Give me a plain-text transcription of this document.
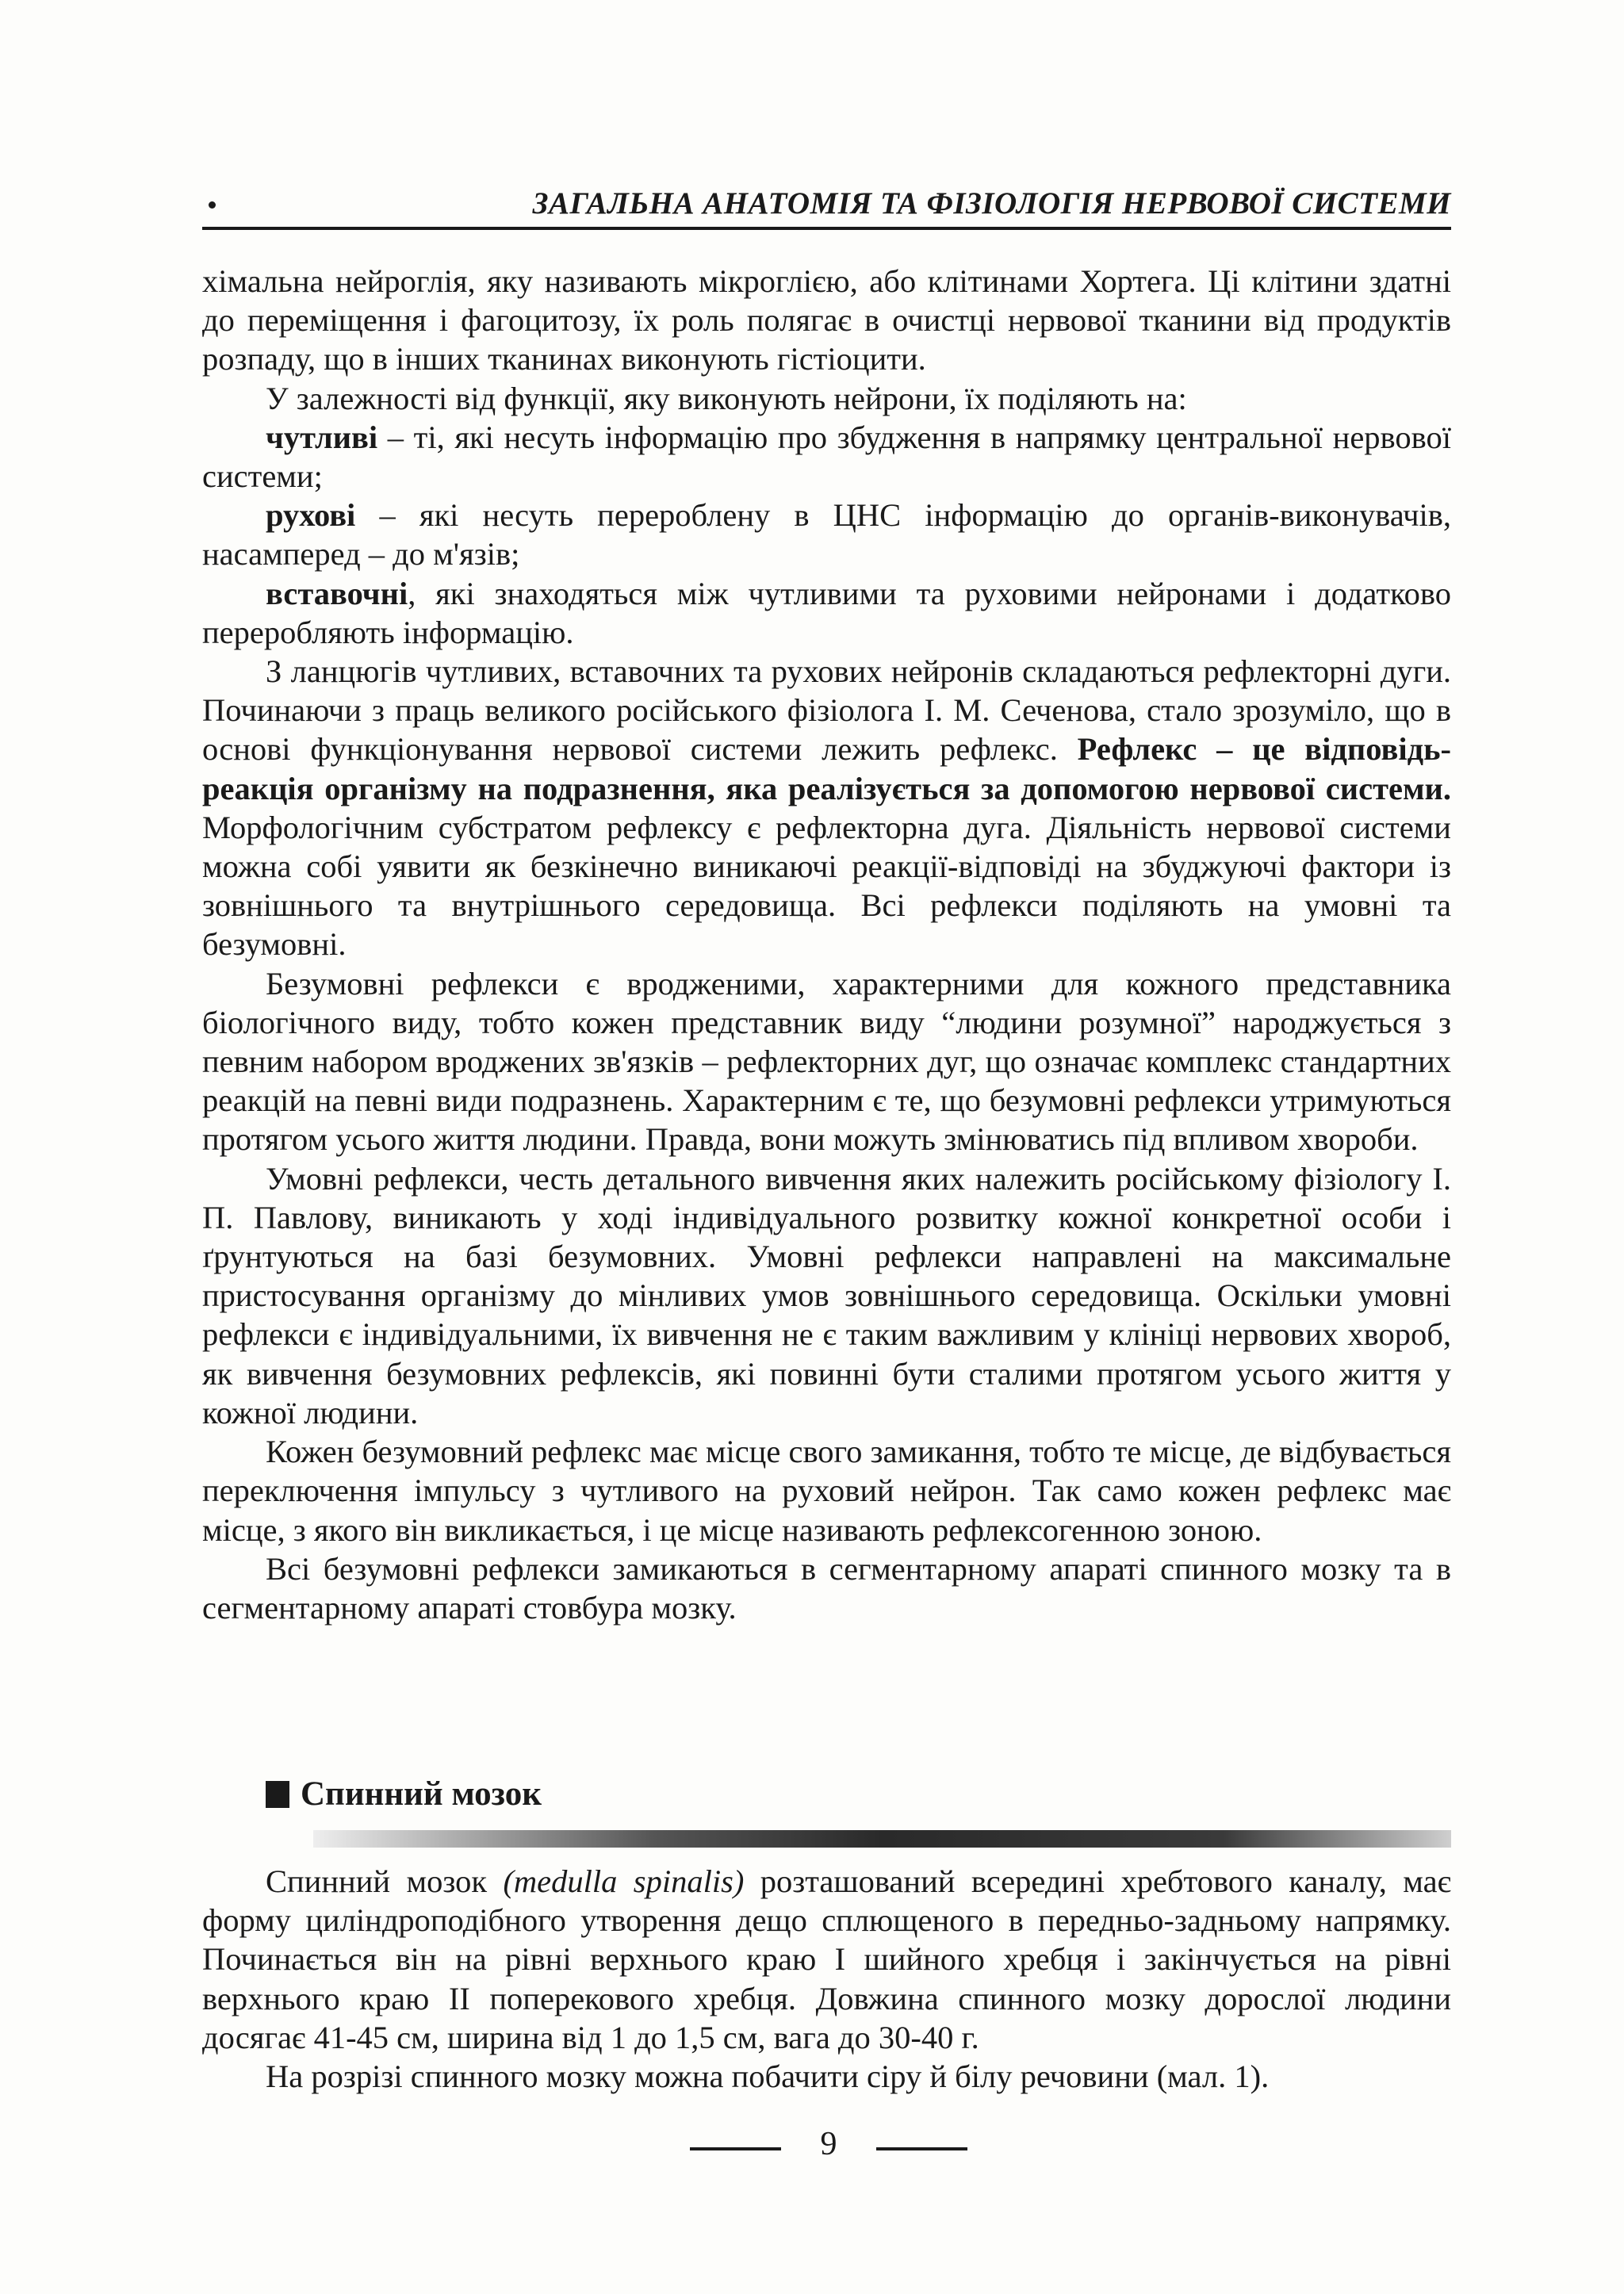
ЗАГАЛЬНА АНАТОМІЯ ТА ФІЗІОЛОГІЯ НЕРВОВОЇ СИСТЕМИ

хімальна нейроглія, яку називають мікроглією, або клітинами Хортега. Ці клітини здатні до переміщення і фагоцитозу, їх роль полягає в очистці нервової тканини від продуктів розпаду, що в інших тканинах виконують гістіоцити.

У залежності від функції, яку виконують нейрони, їх поділяють на:

чутливі – ті, які несуть інформацію про збудження в напрямку центральної нервової системи;

рухові – які несуть перероблену в ЦНС інформацію до органів-виконувачів, насамперед – до м'язів;

вставочні, які знаходяться між чутливими та руховими нейронами і додатково переробляють інформацію.

З ланцюгів чутливих, вставочних та рухових нейронів складаються рефлекторні дуги. Починаючи з праць великого російського фізіолога І. М. Сеченова, стало зрозуміло, що в основі функціонування нервової системи лежить рефлекс. Рефлекс – це відповідь-реакція організму на подразнення, яка реалізується за допомогою нервової системи. Морфологічним субстратом рефлексу є рефлекторна дуга. Діяльність нервової системи можна собі уявити як безкінечно виникаючі реакції-відповіді на збуджуючі фактори із зовнішнього та внутрішнього середовища. Всі рефлекси поділяють на умовні та безумовні.

Безумовні рефлекси є вродженими, характерними для кожного представника біологічного виду, тобто кожен представник виду “людини розумної” народжується з певним набором вроджених зв'язків – рефлекторних дуг, що означає комплекс стандартних реакцій на певні види подразнень. Характерним є те, що безумовні рефлекси утримуються протягом усього життя людини. Правда, вони можуть змінюватись під впливом хвороби.

Умовні рефлекси, честь детального вивчення яких належить російському фізіологу І. П. Павлову, виникають у ході індивідуального розвитку кожної конкретної особи і ґрунтуються на базі безумовних. Умовні рефлекси направлені на максимальне пристосування організму до мінливих умов зовнішнього середовища. Оскільки умовні рефлекси є індивідуальними, їх вивчення не є таким важливим у клініці нервових хвороб, як вивчення безумовних рефлексів, які повинні бути сталими протягом усього життя у кожної людини.

Кожен безумовний рефлекс має місце свого замикання, тобто те місце, де відбувається переключення імпульсу з чутливого на руховий нейрон. Так само кожен рефлекс має місце, з якого він викликається, і це місце називають рефлексогенною зоною.

Всі безумовні рефлекси замикаються в сегментарному апараті спинного мозку та в сегментарному апараті стовбура мозку.

Спинний мозок

Спинний мозок (medulla spinalis) розташований всередині хребтового каналу, має форму циліндроподібного утворення дещо сплющеного в передньо-задньому напрямку. Починається він на рівні верхнього краю І шийного хребця і закінчується на рівні верхнього краю ІІ поперекового хребця. Довжина спинного мозку дорослої людини досягає 41-45 см, ширина від 1 до 1,5 см, вага до 30-40 г.

На розрізі спинного мозку можна побачити сіру й білу речовини (мал. 1).

9
